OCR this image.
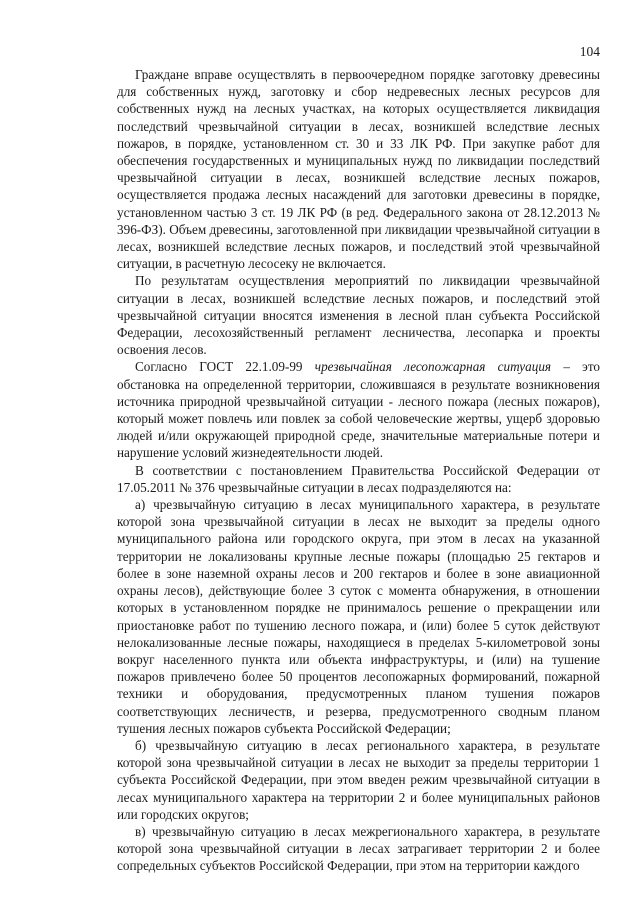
104

Граждане вправе осуществлять в первоочередном порядке заготовку древесины для собственных нужд, заготовку и сбор недревесных лесных ресурсов для собственных нужд на лесных участках, на которых осуществляется ликвидация последствий чрезвычайной ситуации в лесах, возникшей вследствие лесных пожаров, в порядке, установленном ст. 30 и 33 ЛК РФ. При закупке работ для обеспечения государственных и муниципальных нужд по ликвидации последствий чрезвычайной ситуации в лесах, возникшей вследствие лесных пожаров, осуществляется продажа лесных насаждений для заготовки древесины в порядке, установленном частью 3 ст. 19 ЛК РФ (в ред. Федерального закона от 28.12.2013 № 396-ФЗ). Объем древесины, заготовленной при ликвидации чрезвычайной ситуации в лесах, возникшей вследствие лесных пожаров, и последствий этой чрезвычайной ситуации, в расчетную лесосеку не включается.

По результатам осуществления мероприятий по ликвидации чрезвычайной ситуации в лесах, возникшей вследствие лесных пожаров, и последствий этой чрезвычайной ситуации вносятся изменения в лесной план субъекта Российской Федерации, лесохозяйственный регламент лесничества, лесопарка и проекты освоения лесов.

Согласно ГОСТ 22.1.09-99 чрезвычайная лесопожарная ситуация – это обстановка на определенной территории, сложившаяся в результате возникновения источника природной чрезвычайной ситуации - лесного пожара (лесных пожаров), который может повлечь или повлек за собой человеческие жертвы, ущерб здоровью людей и/или окружающей природной среде, значительные материальные потери и нарушение условий жизнедеятельности людей.

В соответствии с постановлением Правительства Российской Федерации от 17.05.2011 № 376 чрезвычайные ситуации в лесах подразделяются на:

а) чрезвычайную ситуацию в лесах муниципального характера, в результате которой зона чрезвычайной ситуации в лесах не выходит за пределы одного муниципального района или городского округа, при этом в лесах на указанной территории не локализованы крупные лесные пожары (площадью 25 гектаров и более в зоне наземной охраны лесов и 200 гектаров и более в зоне авиационной охраны лесов), действующие более 3 суток с момента обнаружения, в отношении которых в установленном порядке не принималось решение о прекращении или приостановке работ по тушению лесного пожара, и (или) более 5 суток действуют нелокализованные лесные пожары, находящиеся в пределах 5-километровой зоны вокруг населенного пункта или объекта инфраструктуры, и (или) на тушение пожаров привлечено более 50 процентов лесопожарных формирований, пожарной техники и оборудования, предусмотренных планом тушения пожаров соответствующих лесничеств, и резерва, предусмотренного сводным планом тушения лесных пожаров субъекта Российской Федерации;

б) чрезвычайную ситуацию в лесах регионального характера, в результате которой зона чрезвычайной ситуации в лесах не выходит за пределы территории 1 субъекта Российской Федерации, при этом введен режим чрезвычайной ситуации в лесах муниципального характера на территории 2 и более муниципальных районов или городских округов;

в) чрезвычайную ситуацию в лесах межрегионального характера, в результате которой зона чрезвычайной ситуации в лесах затрагивает территории 2 и более сопредельных субъектов Российской Федерации, при этом на территории каждого
